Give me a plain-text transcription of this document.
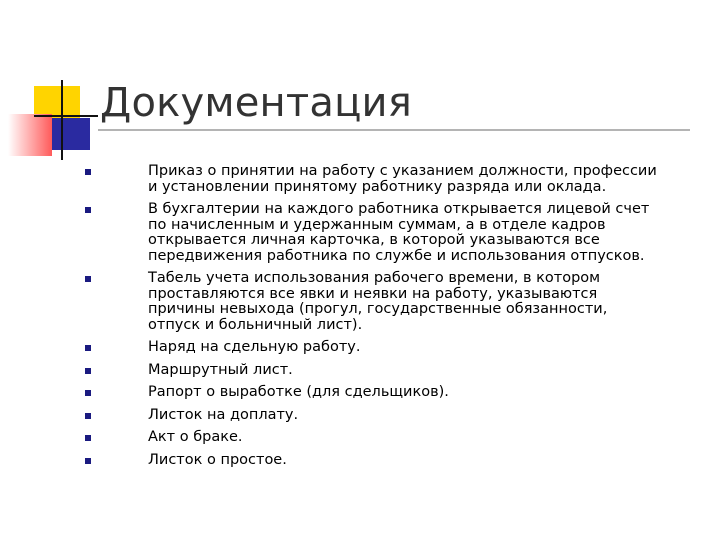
Документация
Приказ о принятии на работу с указанием должности, профессии
и установлении принятому работнику разряда или оклада.
В бухгалтерии на каждого работника открывается лицевой счет
по начисленным и удержанным суммам, а в отделе кадров
открывается личная карточка, в которой указываются все
передвижения работника по службе и использования отпусков.
Табель учета использования рабочего времени, в котором
проставляются все явки и неявки на работу, указываются
причины невыхода (прогул, государственные обязанности,
отпуск и больничный лист).
Наряд на сдельную работу.
Маршрутный лист.
Рапорт о выработке (для сдельщиков).
Листок на доплату.
Акт о браке.
Листок о простое.
